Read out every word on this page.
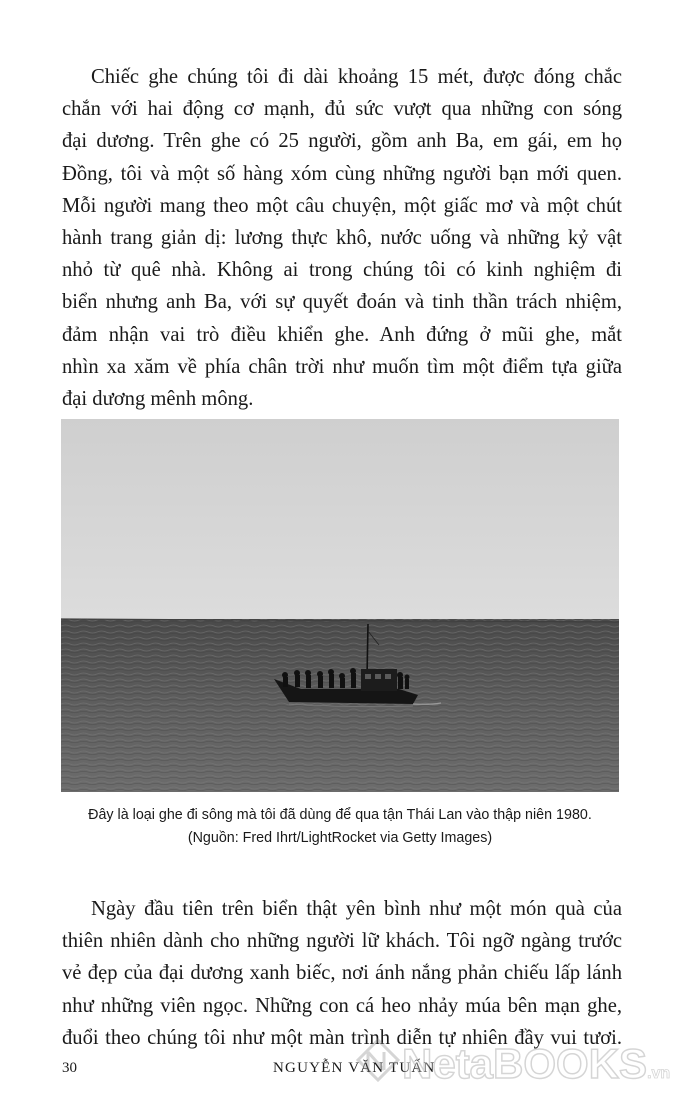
Chiếc ghe chúng tôi đi dài khoảng 15 mét, được đóng chắc
chắn với hai động cơ mạnh, đủ sức vượt qua những con sóng
đại dương. Trên ghe có 25 người, gồm anh Ba, em gái, em họ
Đồng, tôi và một số hàng xóm cùng những người bạn mới quen.
Mỗi người mang theo một câu chuyện, một giấc mơ và một chút
hành trang giản dị: lương thực khô, nước uống và những kỷ vật
nhỏ từ quê nhà. Không ai trong chúng tôi có kinh nghiệm đi
biển nhưng anh Ba, với sự quyết đoán và tinh thần trách nhiệm,
đảm nhận vai trò điều khiển ghe. Anh đứng ở mũi ghe, mắt
nhìn xa xăm về phía chân trời như muốn tìm một điểm tựa giữa
đại dương mênh mông.
Đây là loại ghe đi sông mà tôi đã dùng để qua tận Thái Lan vào thập niên 1980.
(Nguồn: Fred Ihrt/LightRocket via Getty Images)
Ngày đầu tiên trên biển thật yên bình như một món quà của
thiên nhiên dành cho những người lữ khách. Tôi ngỡ ngàng trước
vẻ đẹp của đại dương xanh biếc, nơi ánh nắng phản chiếu lấp lánh
như những viên ngọc. Những con cá heo nhảy múa bên mạn ghe,
đuổi theo chúng tôi như một màn trình diễn tự nhiên đầy vui tươi.
30	NGUYỄN VĂN TUẤN
NetaBOOKS.vn
